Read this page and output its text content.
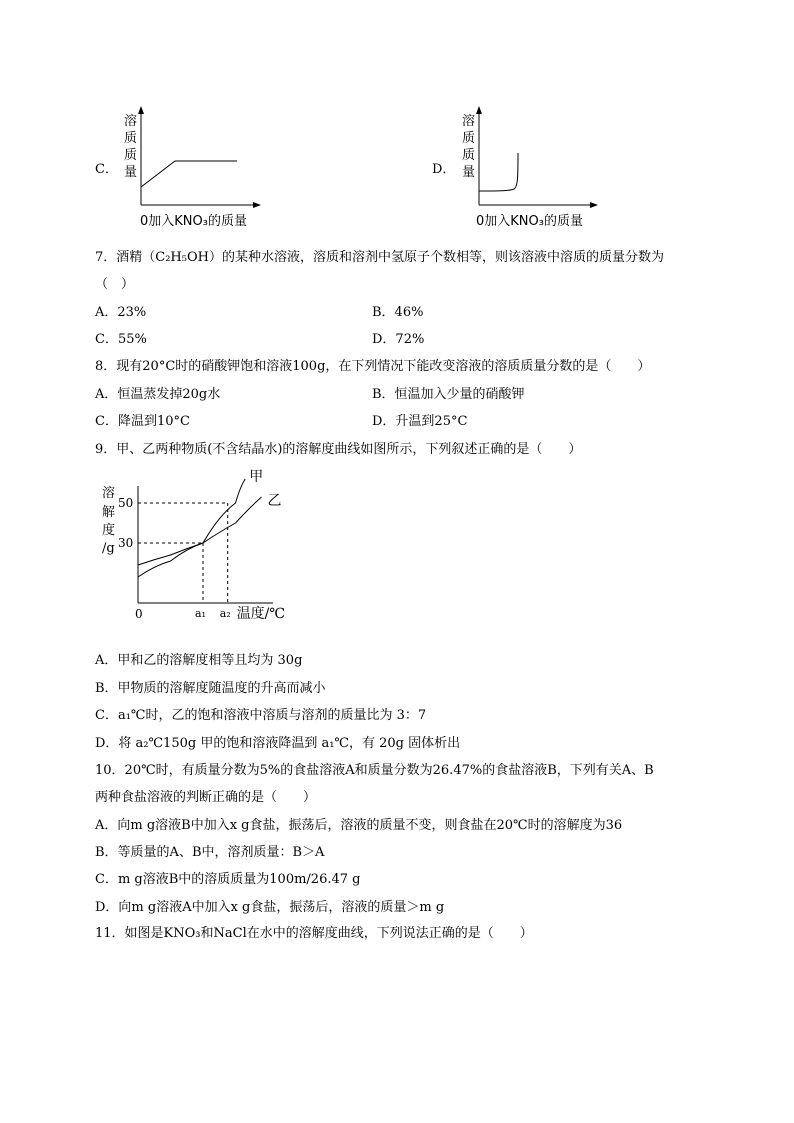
C．
溶
质
质
量
0加入KNO₃的质量
D．
溶
质
质
量
0加入KNO₃的质量
7．酒精（C₂H₅OH）的某种水溶液，溶质和溶剂中氢原子个数相等，则该溶液中溶质的质量分数为
（　）
A．23%	B．46%
C．55%	D．72%
8．现有20°C时的硝酸钾饱和溶液100g，在下列情况下能改变溶液的溶质质量分数的是（　　）
A．恒温蒸发掉20g水	B．恒温加入少量的硝酸钾
C．降温到10°C	D．升温到25°C
9．甲、乙两种物质(不含结晶水)的溶解度曲线如图所示，下列叙述正确的是（　　）
溶
解
度
/g
甲
乙
30
50
0	a₁ a₂ 温度/℃
A．甲和乙的溶解度相等且均为 30g
B．甲物质的溶解度随温度的升高而减小
C．a₁℃时，乙的饱和溶液中溶质与溶剂的质量比为 3：7
D．将 a₂℃150g 甲的饱和溶液降温到 a₁℃，有 20g 固体析出
10．20℃时，有质量分数为5%的食盐溶液A和质量分数为26.47%的食盐溶液B，下列有关A、B
两种食盐溶液的判断正确的是（　　）
A．向m g溶液B中加入x g食盐，振荡后，溶液的质量不变，则食盐在20℃时的溶解度为36
B．等质量的A、B中，溶剂质量：B＞A
C．m g溶液B中的溶质质量为100m/26.47 g
D．向m g溶液A中加入x g食盐，振荡后，溶液的质量＞m g
11．如图是KNO₃和NaCl在水中的溶解度曲线，下列说法正确的是（　　）
